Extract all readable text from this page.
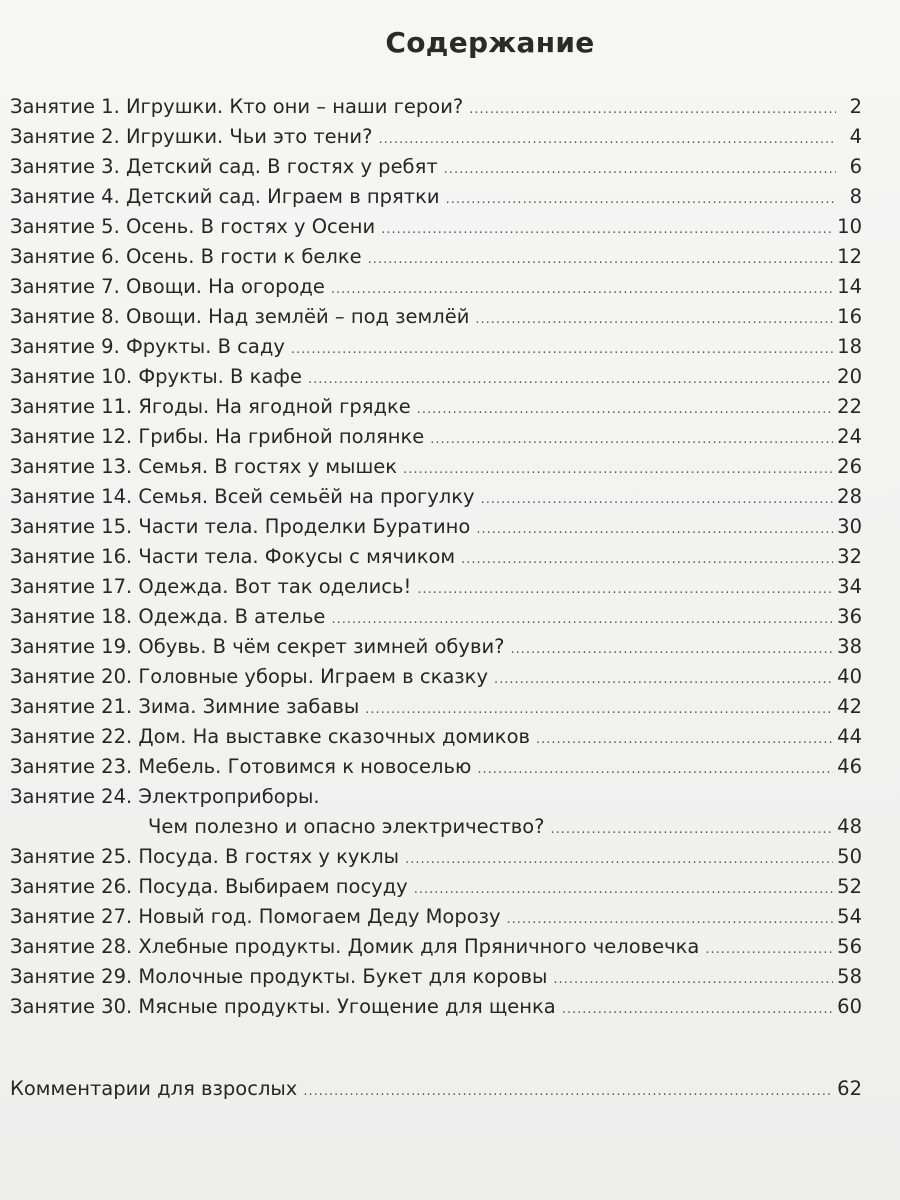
Содержание
Занятие 1. Игрушки. Кто они – наши герои? .....	2
Занятие 2. Игрушки. Чьи это тени? .....	4
Занятие 3. Детский сад. В гостях у ребят .....	6
Занятие 4. Детский сад. Играем в прятки .....	8
Занятие 5. Осень. В гостях у Осени .....	10
Занятие 6. Осень. В гости к белке .....	12
Занятие 7. Овощи. На огороде .....	14
Занятие 8. Овощи. Над землёй – под землёй .....	16
Занятие 9. Фрукты. В саду .....	18
Занятие 10. Фрукты. В кафе .....	20
Занятие 11. Ягоды. На ягодной грядке .....	22
Занятие 12. Грибы. На грибной полянке .....	24
Занятие 13. Семья. В гостях у мышек .....	26
Занятие 14. Семья. Всей семьёй на прогулку .....	28
Занятие 15. Части тела. Проделки Буратино .....	30
Занятие 16. Части тела. Фокусы с мячиком .....	32
Занятие 17. Одежда. Вот так оделись! .....	34
Занятие 18. Одежда. В ателье .....	36
Занятие 19. Обувь. В чём секрет зимней обуви? .....	38
Занятие 20. Головные уборы. Играем в сказку .....	40
Занятие 21. Зима. Зимние забавы .....	42
Занятие 22. Дом. На выставке сказочных домиков .....	44
Занятие 23. Мебель. Готовимся к новоселью .....	46
Занятие 24. Электроприборы.
Чем полезно и опасно электричество? .....	48
Занятие 25. Посуда. В гостях у куклы .....	50
Занятие 26. Посуда. Выбираем посуду .....	52
Занятие 27. Новый год. Помогаем Деду Морозу .....	54
Занятие 28. Хлебные продукты. Домик для Пряничного человечка .....	56
Занятие 29. Молочные продукты. Букет для коровы .....	58
Занятие 30. Мясные продукты. Угощение для щенка .....	60
Комментарии для взрослых .....	62
